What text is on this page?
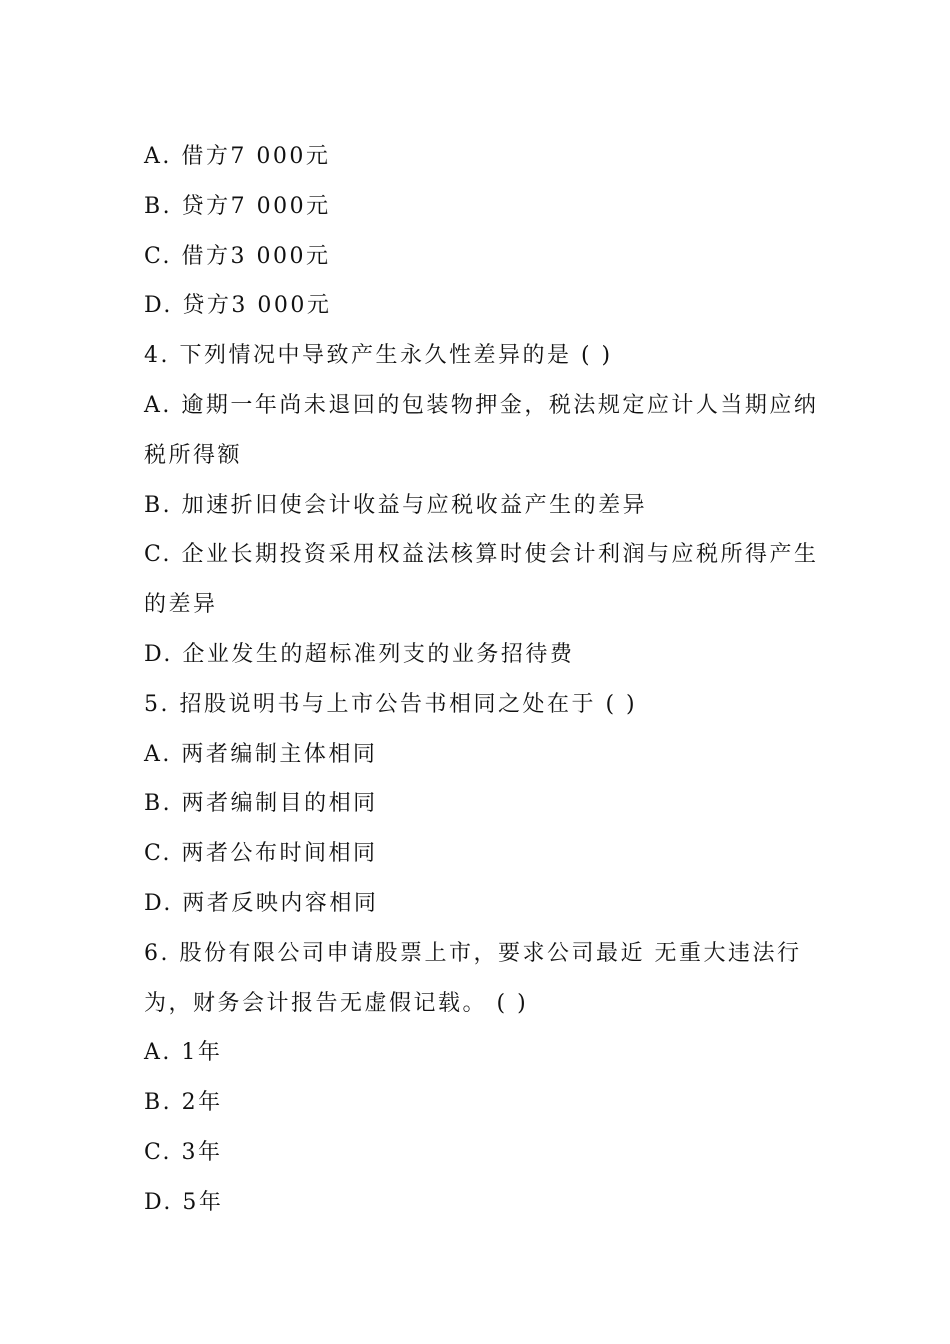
A. 借方7 000元
B. 贷方7 000元
C. 借方3 000元
D. 贷方3 000元
4. 下列情况中导致产生永久性差异的是 ( )
A. 逾期一年尚未退回的包装物押金，税法规定应计人当期应纳
税所得额
B. 加速折旧使会计收益与应税收益产生的差异
C. 企业长期投资采用权益法核算时使会计利润与应税所得产生
的差异
D. 企业发生的超标准列支的业务招待费
5. 招股说明书与上市公告书相同之处在于 ( )
A. 两者编制主体相同
B. 两者编制目的相同
C. 两者公布时间相同
D. 两者反映内容相同
6. 股份有限公司申请股票上市，要求公司最近 无重大违法行
为，财务会计报告无虚假记载。 ( )
A. 1年
B. 2年
C. 3年
D. 5年
